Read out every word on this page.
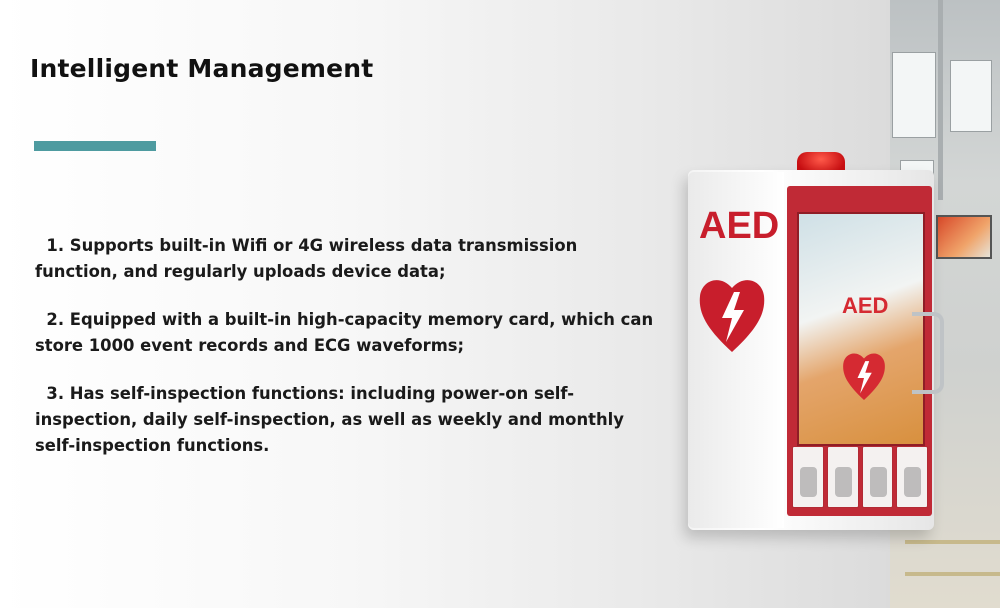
Intelligent Management

1. Supports built-in Wifi or 4G wireless data transmission function, and regularly uploads device data;

2. Equipped with a built-in high-capacity memory card, which can store 1000 event records and ECG waveforms;

3. Has self-inspection functions: including power-on self-inspection, daily self-inspection, as well as weekly and monthly self-inspection functions.

AED
AED
